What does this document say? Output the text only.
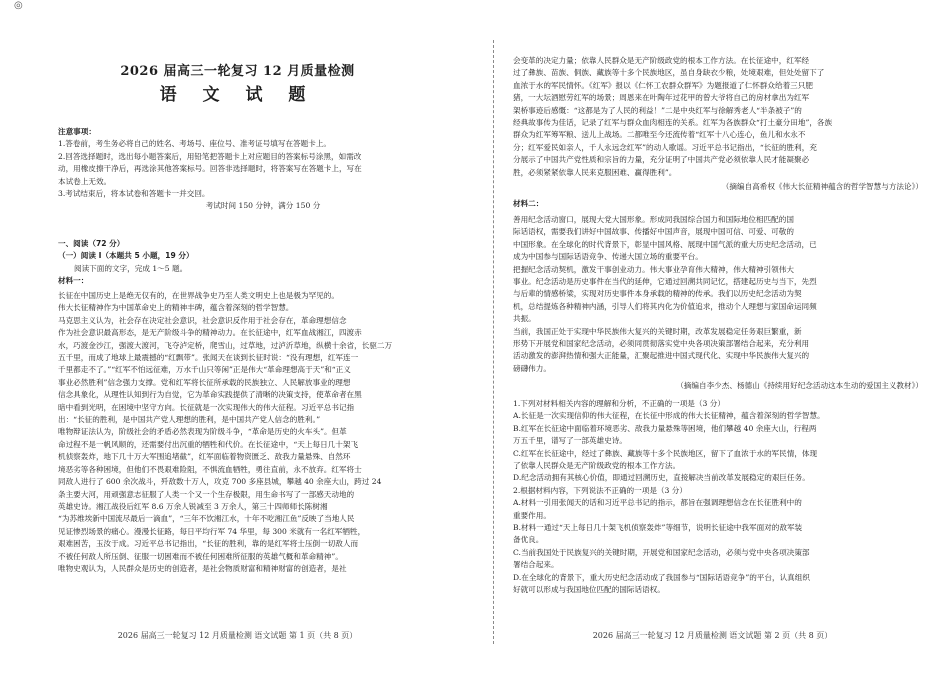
◎
2026 届高三一轮复习 12 月质量检测
语 文 试 题
注意事项：
1.答卷前，考生务必将自己的姓名、考场号、座位号、准考证号填写在答题卡上。
2.回答选择题时，选出每小题答案后，用铅笔把答题卡上对应题目的答案标号涂黑，如需改
动，用橡皮擦干净后，再选涂其他答案标号。回答非选择题时，将答案写在答题卡上，写在
本试卷上无效。
3.考试结束后，将本试卷和答题卡一并交回。
考试时间 150 分钟，满分 150 分
一、阅读（72 分）
（一）阅读 I（本题共 5 小题，19 分）
阅读下面的文字，完成 1～5 题。
材料一：
长征在中国历史上是绝无仅有的，在世界战争史乃至人类文明史上也是极为罕见的。
伟大长征精神作为中国革命史上的精神丰碑，蕴含着深刻的哲学智慧。
马克思主义认为，社会存在决定社会意识，社会意识反作用于社会存在，革命理想信念
作为社会意识最高形态，是无产阶级斗争的精神动力。在长征途中，红军血战湘江，四渡赤
水，巧渡金沙江，强渡大渡河，飞夺泸定桥，爬雪山，过草地，过泸沂草地，纵横十余省，长驱二万
五千里，而成了地球上最震撼的“红飘带”。张闻天在谈到长征时说：“没有理想，红军连一
千里都走不了。”“红军不怕远征难，万水千山只等闲”正是伟大“革命理想高于天”和“正义
事业必然胜利”信念强力支撑。党和红军将长征所承载的民族独立、人民解放事业的理想
信念具象化，从理性认知到行为自觉，它为革命实践提供了清晰的决策支持，使革命者在黑
暗中看到光明，在困境中坚守方向。长征就是一次实现伟大的伟大征程。习近平总书记指
出：“长征的胜利，是中国共产党人理想的胜利，是中国共产党人信念的胜利。”
唯物辩证法认为，阶级社会的矛盾必然表现为阶级斗争，“革命是历史的火车头”。但革
命过程不是一帆风顺的，还需要付出沉重的牺牲和代价。在长征途中，“天上每日几十架飞
机侦察轰炸，地下几十万大军围追堵截”，红军面临着物资匮乏、敌我力量悬殊、自然环
境恶劣等各种困境，但他们不畏艰难险阻，不惧流血牺牲，勇往直前，永不放弃。红军将士
同敌人进行了 600 余次战斗，歼敌数十万人，攻克 700 多座县城，攀越 40 余座大山，跨过 24
条主要大河，用顽强意志征服了人类一个又一个生存极限，用生命书写了一部感天动地的
英雄史诗。湘江战役后红军 8.6 万余人锐减至 3 万余人，第三十四师师长陈树湘
“为苏维埃新中国流尽最后一滴血”，“三年不饮湘江水，十年不吃湘江鱼”反映了当地人民
见证惨烈场景的痛心。漫漫长征路，每日平均行军 74 华里，每 300 米就有一名红军牺牲，
艰难困苦，玉汝于成。习近平总书记指出，“长征的胜利，靠的是红军将士压倒一切敌人而
不被任何敌人所压倒、征服一切困难而不被任何困难所征服的英雄气概和革命精神”。
唯物史观认为，人民群众是历史的创造者，是社会物质财富和精神财富的创造者，是社
2026 届高三一轮复习 12 月质量检测 语文试题 第 1 页（共 8 页）	2026 届高三一轮复习 12 月质量检测 语文试题 第 2 页（共 8 页）
会变革的决定力量；依靠人民群众是无产阶级政党的根本工作方法。在长征途中，红军经
过了彝族、苗族、侗族、藏族等十多个民族地区，虽自身缺衣少粮，处境艰难，但处处留下了
血浓于水的军民情怀。《红军》报以《仁怀工农群众群军》为题报道了仁怀群众给着三只肥
猪，一大坛酒慰劳红军的场景；周恩来在叶陶年过花甲的曾大爷将自己的房材拿出为红军
架桥事迹后感慨：“这都是为了人民的利益！”二是中央红军与徐解秀老人“半条被子”的
经典故事传为佳话，记录了红军与群众血肉相连的关系。红军为各族群众“打土豪分田地”，各族
群众为红军筹军粮、送儿上战场。二都唯至今还流传着“红军十八心连心，鱼儿和水永不
分；红军爱民如亲人，千人永远念红军”的动人歌谣。习近平总书记指出，“长征的胜利，充
分展示了中国共产党性质和宗旨的力量，充分证明了中国共产党必须依靠人民才能凝聚必
胜，必须紧紧依靠人民来克服困难、赢得胜利”。
（摘编自高希权《伟大长征精神蕴含的哲学智慧与方法论》）
材料二：
善用纪念活动窗口，展现大党大国形象。形成同我国综合国力和国际地位相匹配的国
际话语权，需要我们讲好中国故事、传播好中国声音，展现中国可信、可爱、可敬的
中国形象。在全球化的时代背景下，彰显中国风格、展现中国气派的重大历史纪念活动，已
成为中国参与国际话语竞争、传递大国立场的重要平台。
把握纪念活动契机，激发干事创业动力。伟大事业孕育伟大精神，伟大精神引领伟大
事业。纪念活动是历史事件在当代的延伸，它通过回溯共同记忆，搭建起历史与当下，先烈
与后辈的情感桥梁，实现对历史事件本身承载的精神的传承。我们以历史纪念活动为契
机，总结提炼各种精神内涵，引导人们将其内化为价值追求，推动个人理想与家国命运同频
共振。
当前，我国正处于实现中华民族伟大复兴的关键时期，改革发展稳定任务艰巨繁重，新
形势下开展党和国家纪念活动，必须同贯彻落实党中央各项决策部署结合起来，充分利用
活动激发的澎湃热情和强大正能量，汇聚起推进中国式现代化、实现中华民族伟大复兴的
磅礴伟力。
（摘编自李少杰、杨德山《持续用好纪念活动这本生动的爱国主义教材》）
1.下列对材料相关内容的理解和分析，不正确的一项是（3 分）
A.长征是一次实现信仰的伟大征程，在长征中形成的伟大长征精神，蕴含着深刻的哲学智慧。
B.红军在长征途中面临着环境恶劣、敌我力量悬殊等困境，他们攀越 40 余座大山，行程两
万五千里，谱写了一部英雄史诗。
C.红军在长征途中，经过了彝族、藏族等十多个民族地区，留下了血浓于水的军民情，体现
了依靠人民群众是无产阶级政党的根本工作方法。
D.纪念活动拥有其核心价值，即通过回溯历史，直接解决当前改革发展稳定的艰巨任务。
2.根据材料内容，下列说法不正确的一项是（3 分）
A.材料一引用张闻天的话和习近平总书记的指示，都旨在强调理想信念在长征胜利中的
重要作用。
B.材料一通过“天上每日几十架飞机侦察轰炸”等细节，说明长征途中我军面对的敌军装
备优良。
C.当前我国处于民族复兴的关键时期，开展党和国家纪念活动，必须与党中央各项决策部
署结合起来。
D.在全球化的背景下，重大历史纪念活动成了我国参与“国际话语竞争”的平台，认真组织
好就可以形成与我国地位匹配的国际话语权。
